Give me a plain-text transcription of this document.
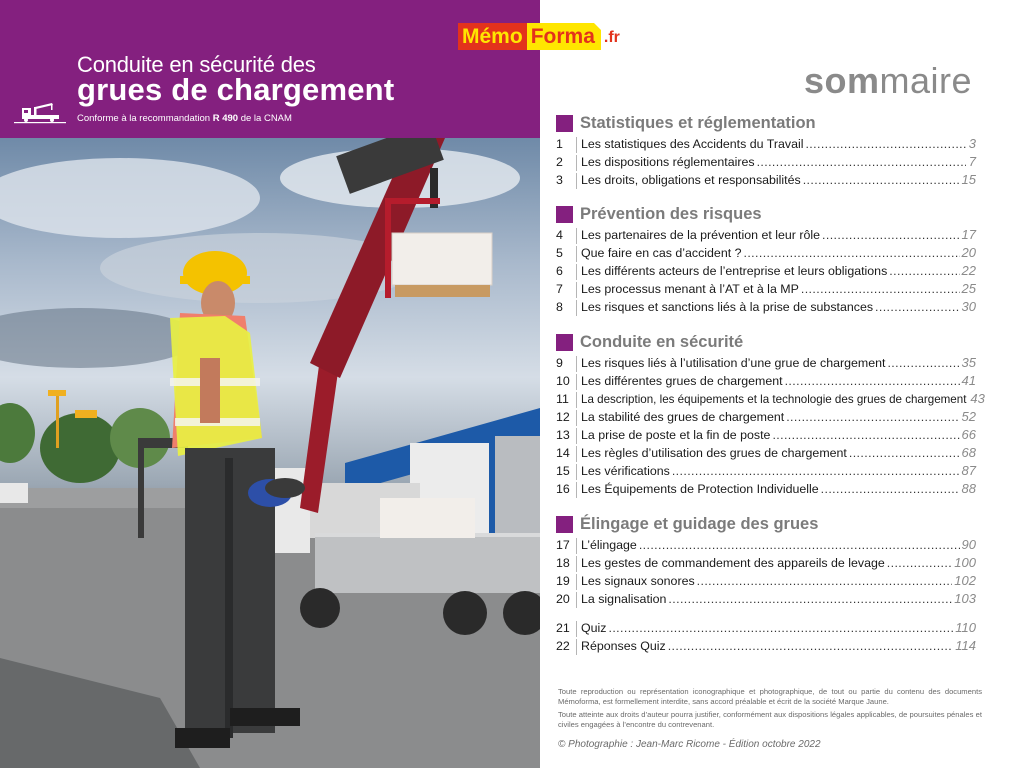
Conduite en sécurité des
grues de chargement
Conforme à la recommandation R 490 de la CNAM
Mémo Forma .fr
sommaire
Statistiques et réglementation
1	Les statistiques des Accidents du Travail .....	3
2	Les dispositions réglementaires .....	7
3	Les droits, obligations et responsabilités .....	15
Prévention des risques
4	Les partenaires de la prévention et leur rôle .....	17
5	Que faire en cas d’accident ? .....	20
6	Les différents acteurs de l’entreprise et leurs obligations .....	22
7	Les processus menant à l’AT et à la MP .....	25
8	Les risques et sanctions liés à la prise de substances .....	30
Conduite en sécurité
9	Les risques liés à l’utilisation d’une grue de chargement .....	35
10 Les différentes grues de chargement .....	41
11	La description, les équipements et la technologie des grues de chargement 43
12 La stabilité des grues de chargement .....	52
13 La prise de poste et la fin de poste .....	66
14 Les règles d’utilisation des grues de chargement .....	68
15 Les vérifications .....	87
16 Les Équipements de Protection Individuelle .....	88
Élingage et guidage des grues
17 L’élingage .....	90
18 Les gestes de commandement des appareils de levage .....	100
19 Les signaux sonores .....	102
20 La signalisation .....	103
21 Quiz .....	110
22 Réponses Quiz .....	114

Toute reproduction ou représentation iconographique et photographique, de tout ou partie du contenu des documents Mémoforma, est formellement interdite, sans accord préalable et écrit de la société Marque Jaune.

Toute atteinte aux droits d’auteur pourra justifier, conformément aux dispositions légales applicables, de poursuites pénales et civiles engagées à l’encontre du contrevenant.

© Photographie : Jean-Marc Ricome - Édition octobre 2022
